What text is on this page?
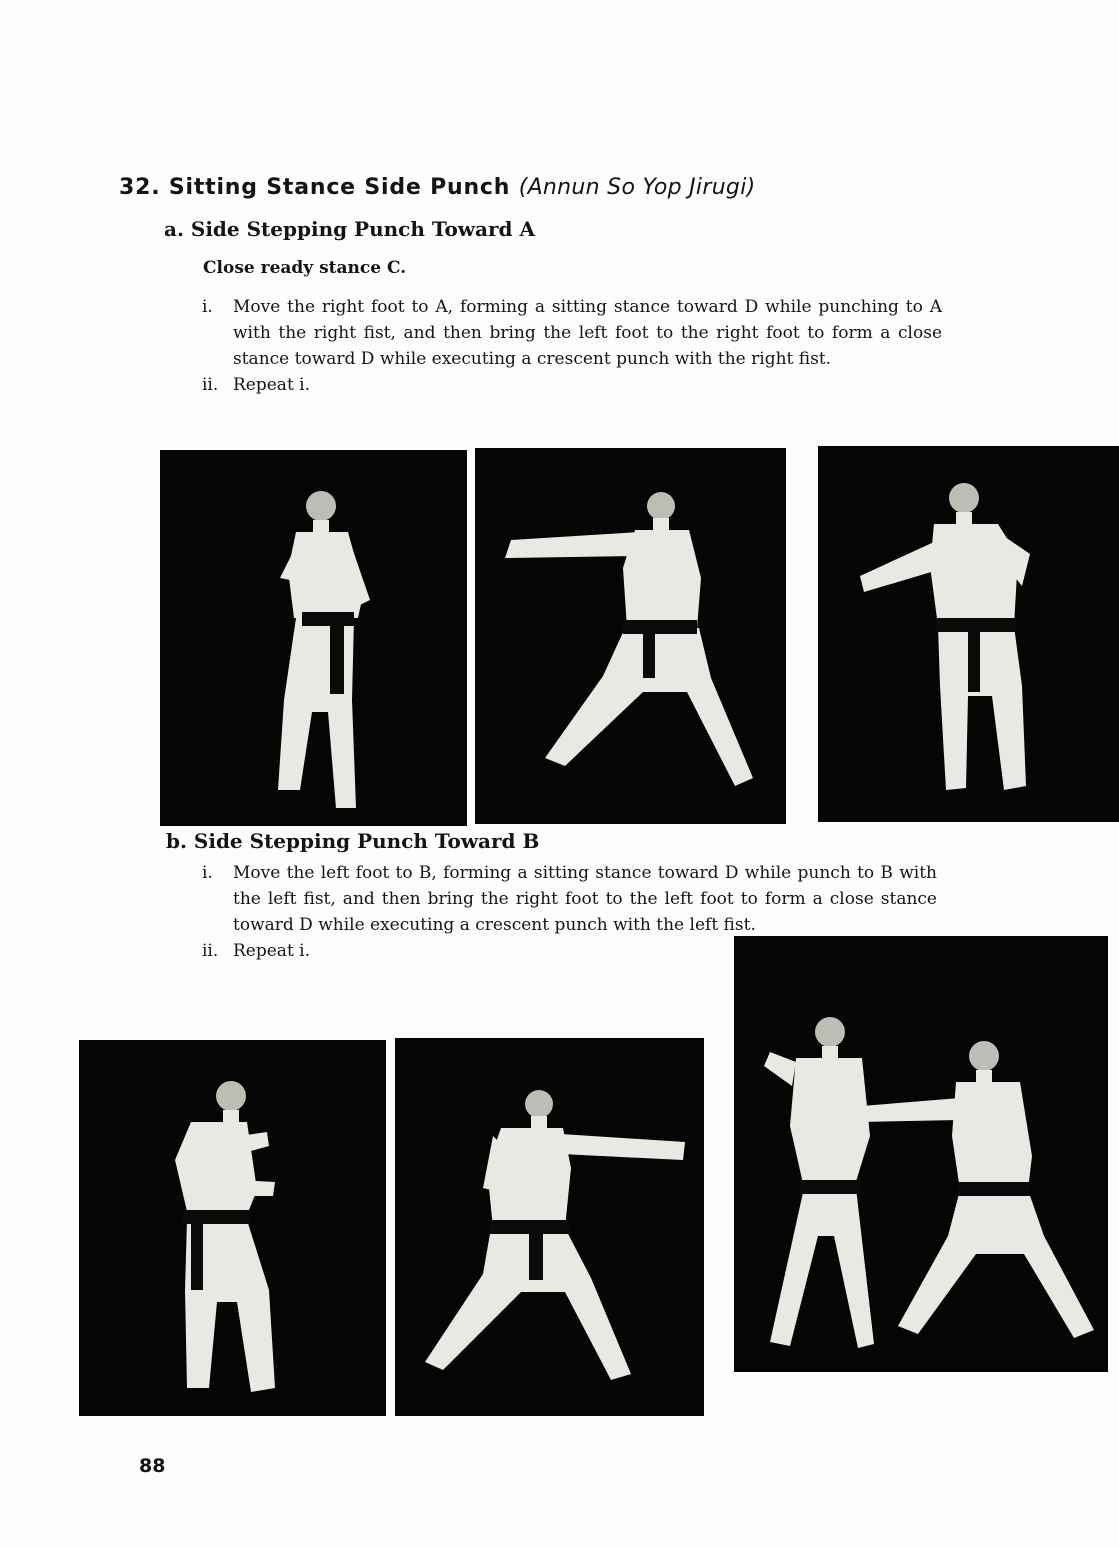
32. Sitting Stance Side Punch (Annun So Yop Jirugi)
a. Side Stepping Punch Toward A

Close ready stance C.

i. Move the right foot to A, forming a sitting stance toward D while punching to A with the right fist, and then bring the left foot to the right foot to form a close stance toward D while executing a crescent punch with the right fist.
ii. Repeat i.
b. Side Stepping Punch Toward B
i. Move the left foot to B, forming a sitting stance toward D while punch to B with the left fist, and then bring the right foot to the left foot to form a close stance toward D while executing a crescent punch with the left fist.
ii. Repeat i.

88
